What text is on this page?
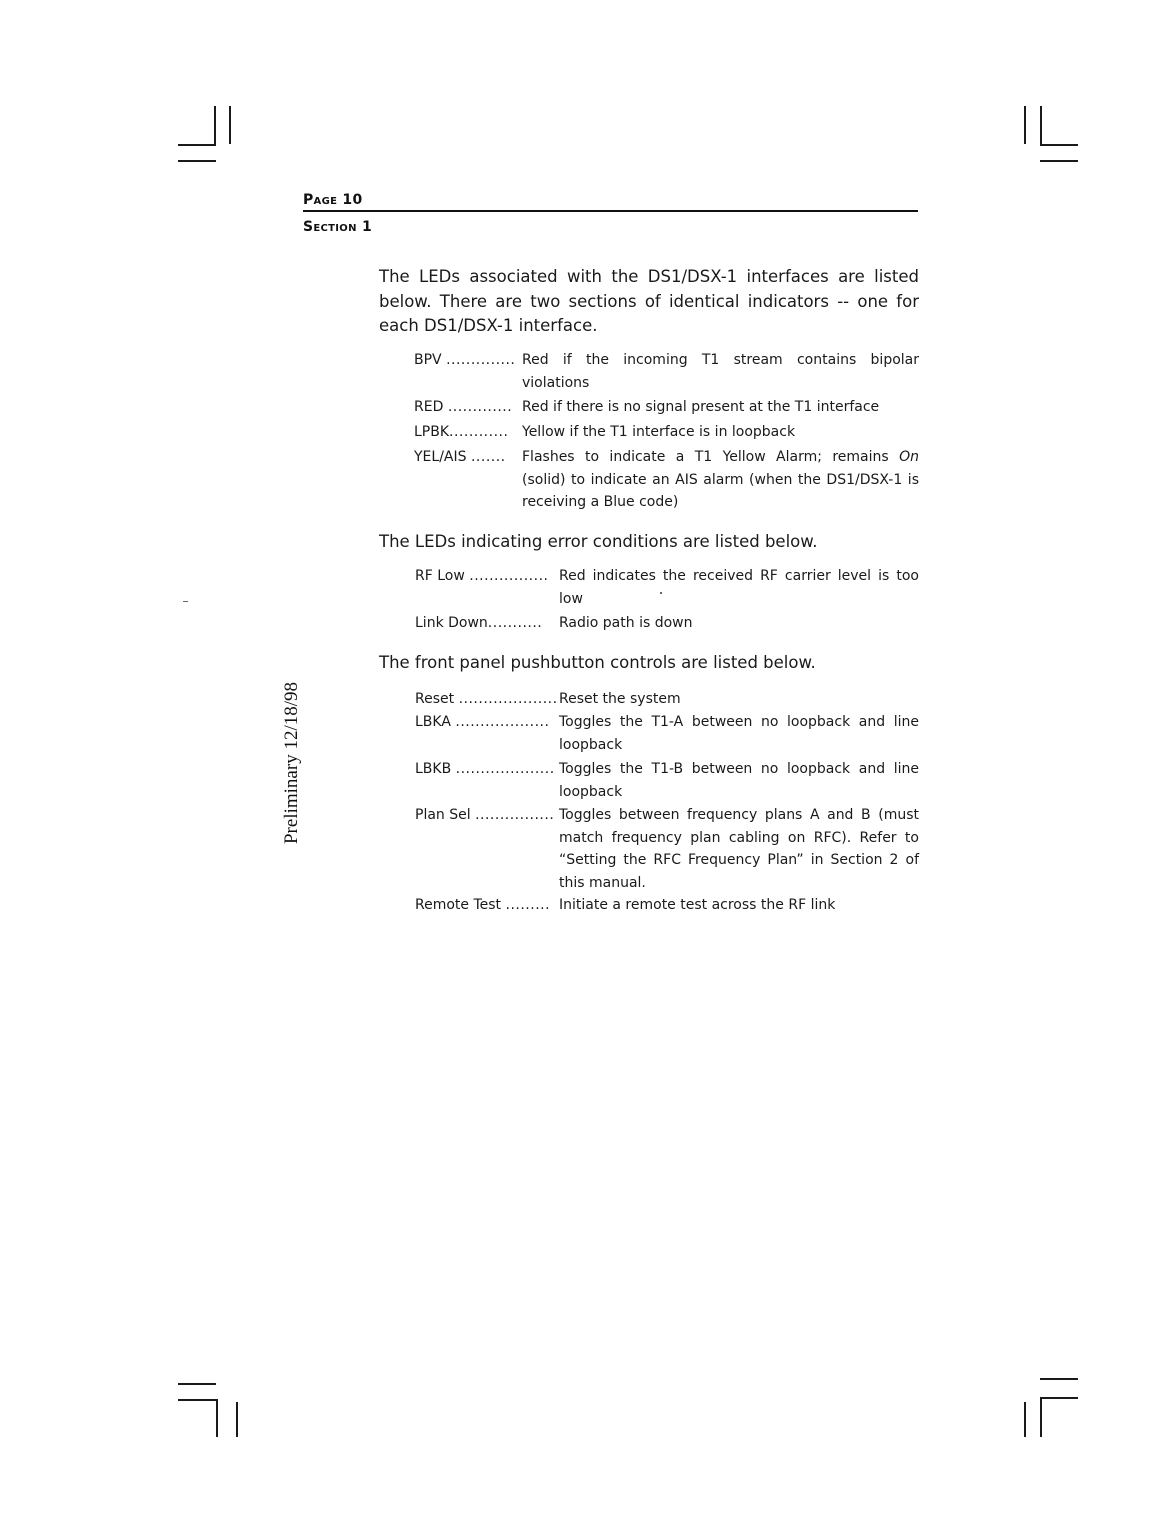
Page 10
Section 1
Preliminary 12/18/98
The LEDs associated with the DS1/DSX-1 interfaces are listed below. There are two sections of identical indicators -- one for each DS1/DSX-1 interface.
BPV .............. Red if the incoming T1 stream contains bipolar violations
RED ............. Red if there is no signal present at the T1 interface
LPBK............ Yellow if the T1 interface is in loopback
YEL/AIS ....... Flashes to indicate a T1 Yellow Alarm; remains On (solid) to indicate an AIS alarm (when the DS1/DSX-1 is receiving a Blue code)
The LEDs indicating error conditions are listed below.
RF Low ................ Red indicates the received RF carrier level is too low
Link Down........... Radio path is down
The front panel pushbutton controls are listed below.
Reset .................... Reset the system
LBKA ................... Toggles the T1-A between no loopback and line loopback
LBKB .................... Toggles the T1-B between no loopback and line loopback
Plan Sel ................ Toggles between frequency plans A and B (must match frequency plan cabling on RFC). Refer to “Setting the RFC Frequency Plan” in Section 2 of this manual.
Remote Test ......... Initiate a remote test across the RF link
